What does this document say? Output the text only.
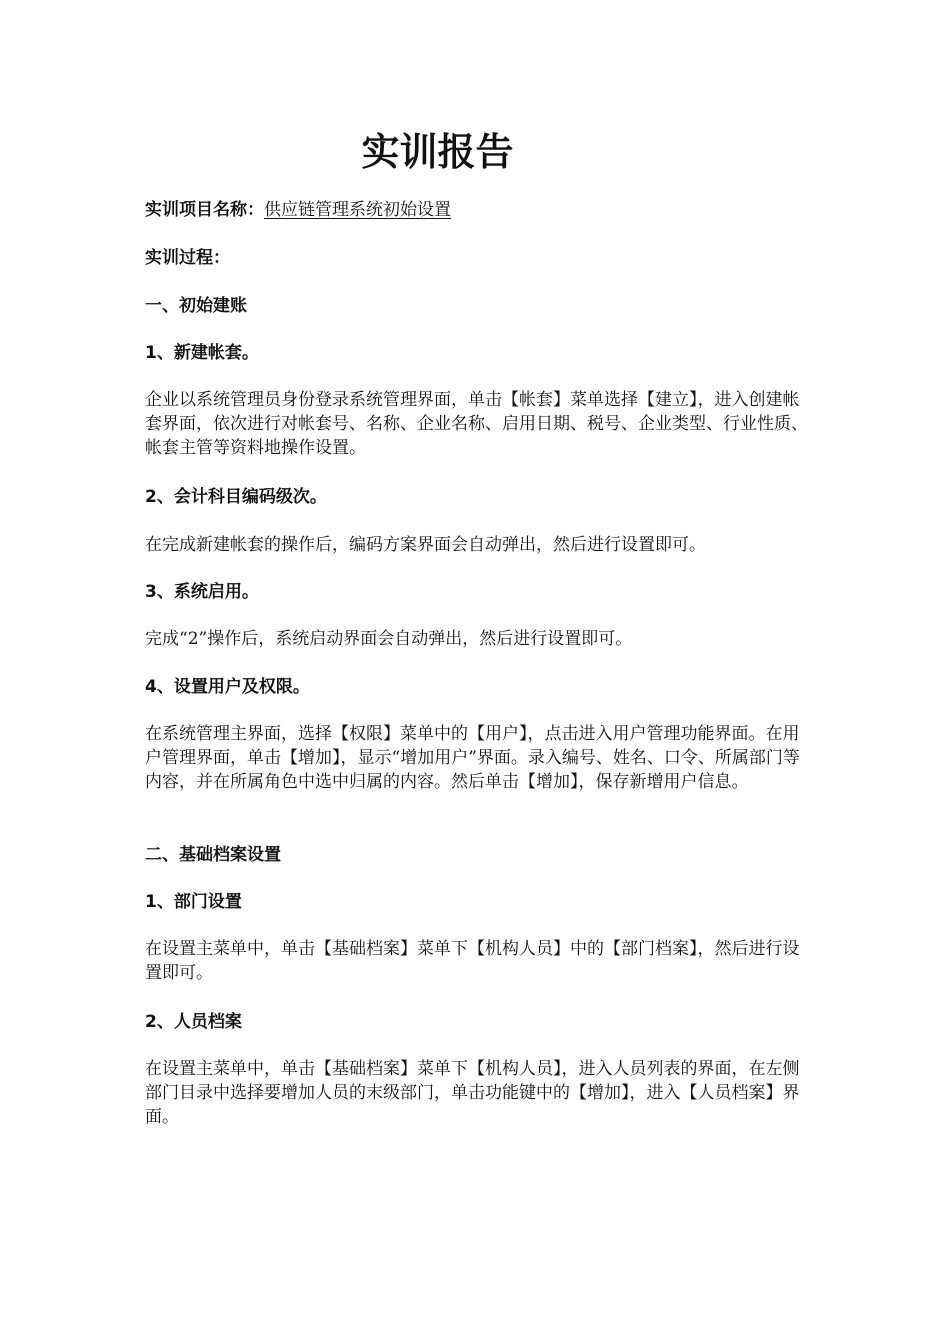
实训报告

实训项目名称：供应链管理系统初始设置

实训过程：

一、初始建账

1、新建帐套。

企业以系统管理员身份登录系统管理界面，单击【帐套】菜单选择【建立】，进入创建帐套界面，依次进行对帐套号、名称、企业名称、启用日期、税号、企业类型、行业性质、帐套主管等资料地操作设置。

2、会计科目编码级次。

在完成新建帐套的操作后，编码方案界面会自动弹出，然后进行设置即可。

3、系统启用。

完成“2”操作后，系统启动界面会自动弹出，然后进行设置即可。

4、设置用户及权限。

在系统管理主界面，选择【权限】菜单中的【用户】，点击进入用户管理功能界面。在用户管理界面，单击【增加】，显示“增加用户”界面。录入编号、姓名、口令、所属部门等内容，并在所属角色中选中归属的内容。然后单击【增加】，保存新增用户信息。

二、基础档案设置

1、部门设置

在设置主菜单中，单击【基础档案】菜单下【机构人员】中的【部门档案】，然后进行设置即可。

2、人员档案

在设置主菜单中，单击【基础档案】菜单下【机构人员】，进入人员列表的界面，在左侧部门目录中选择要增加人员的末级部门，单击功能键中的【增加】，进入【人员档案】界面。
